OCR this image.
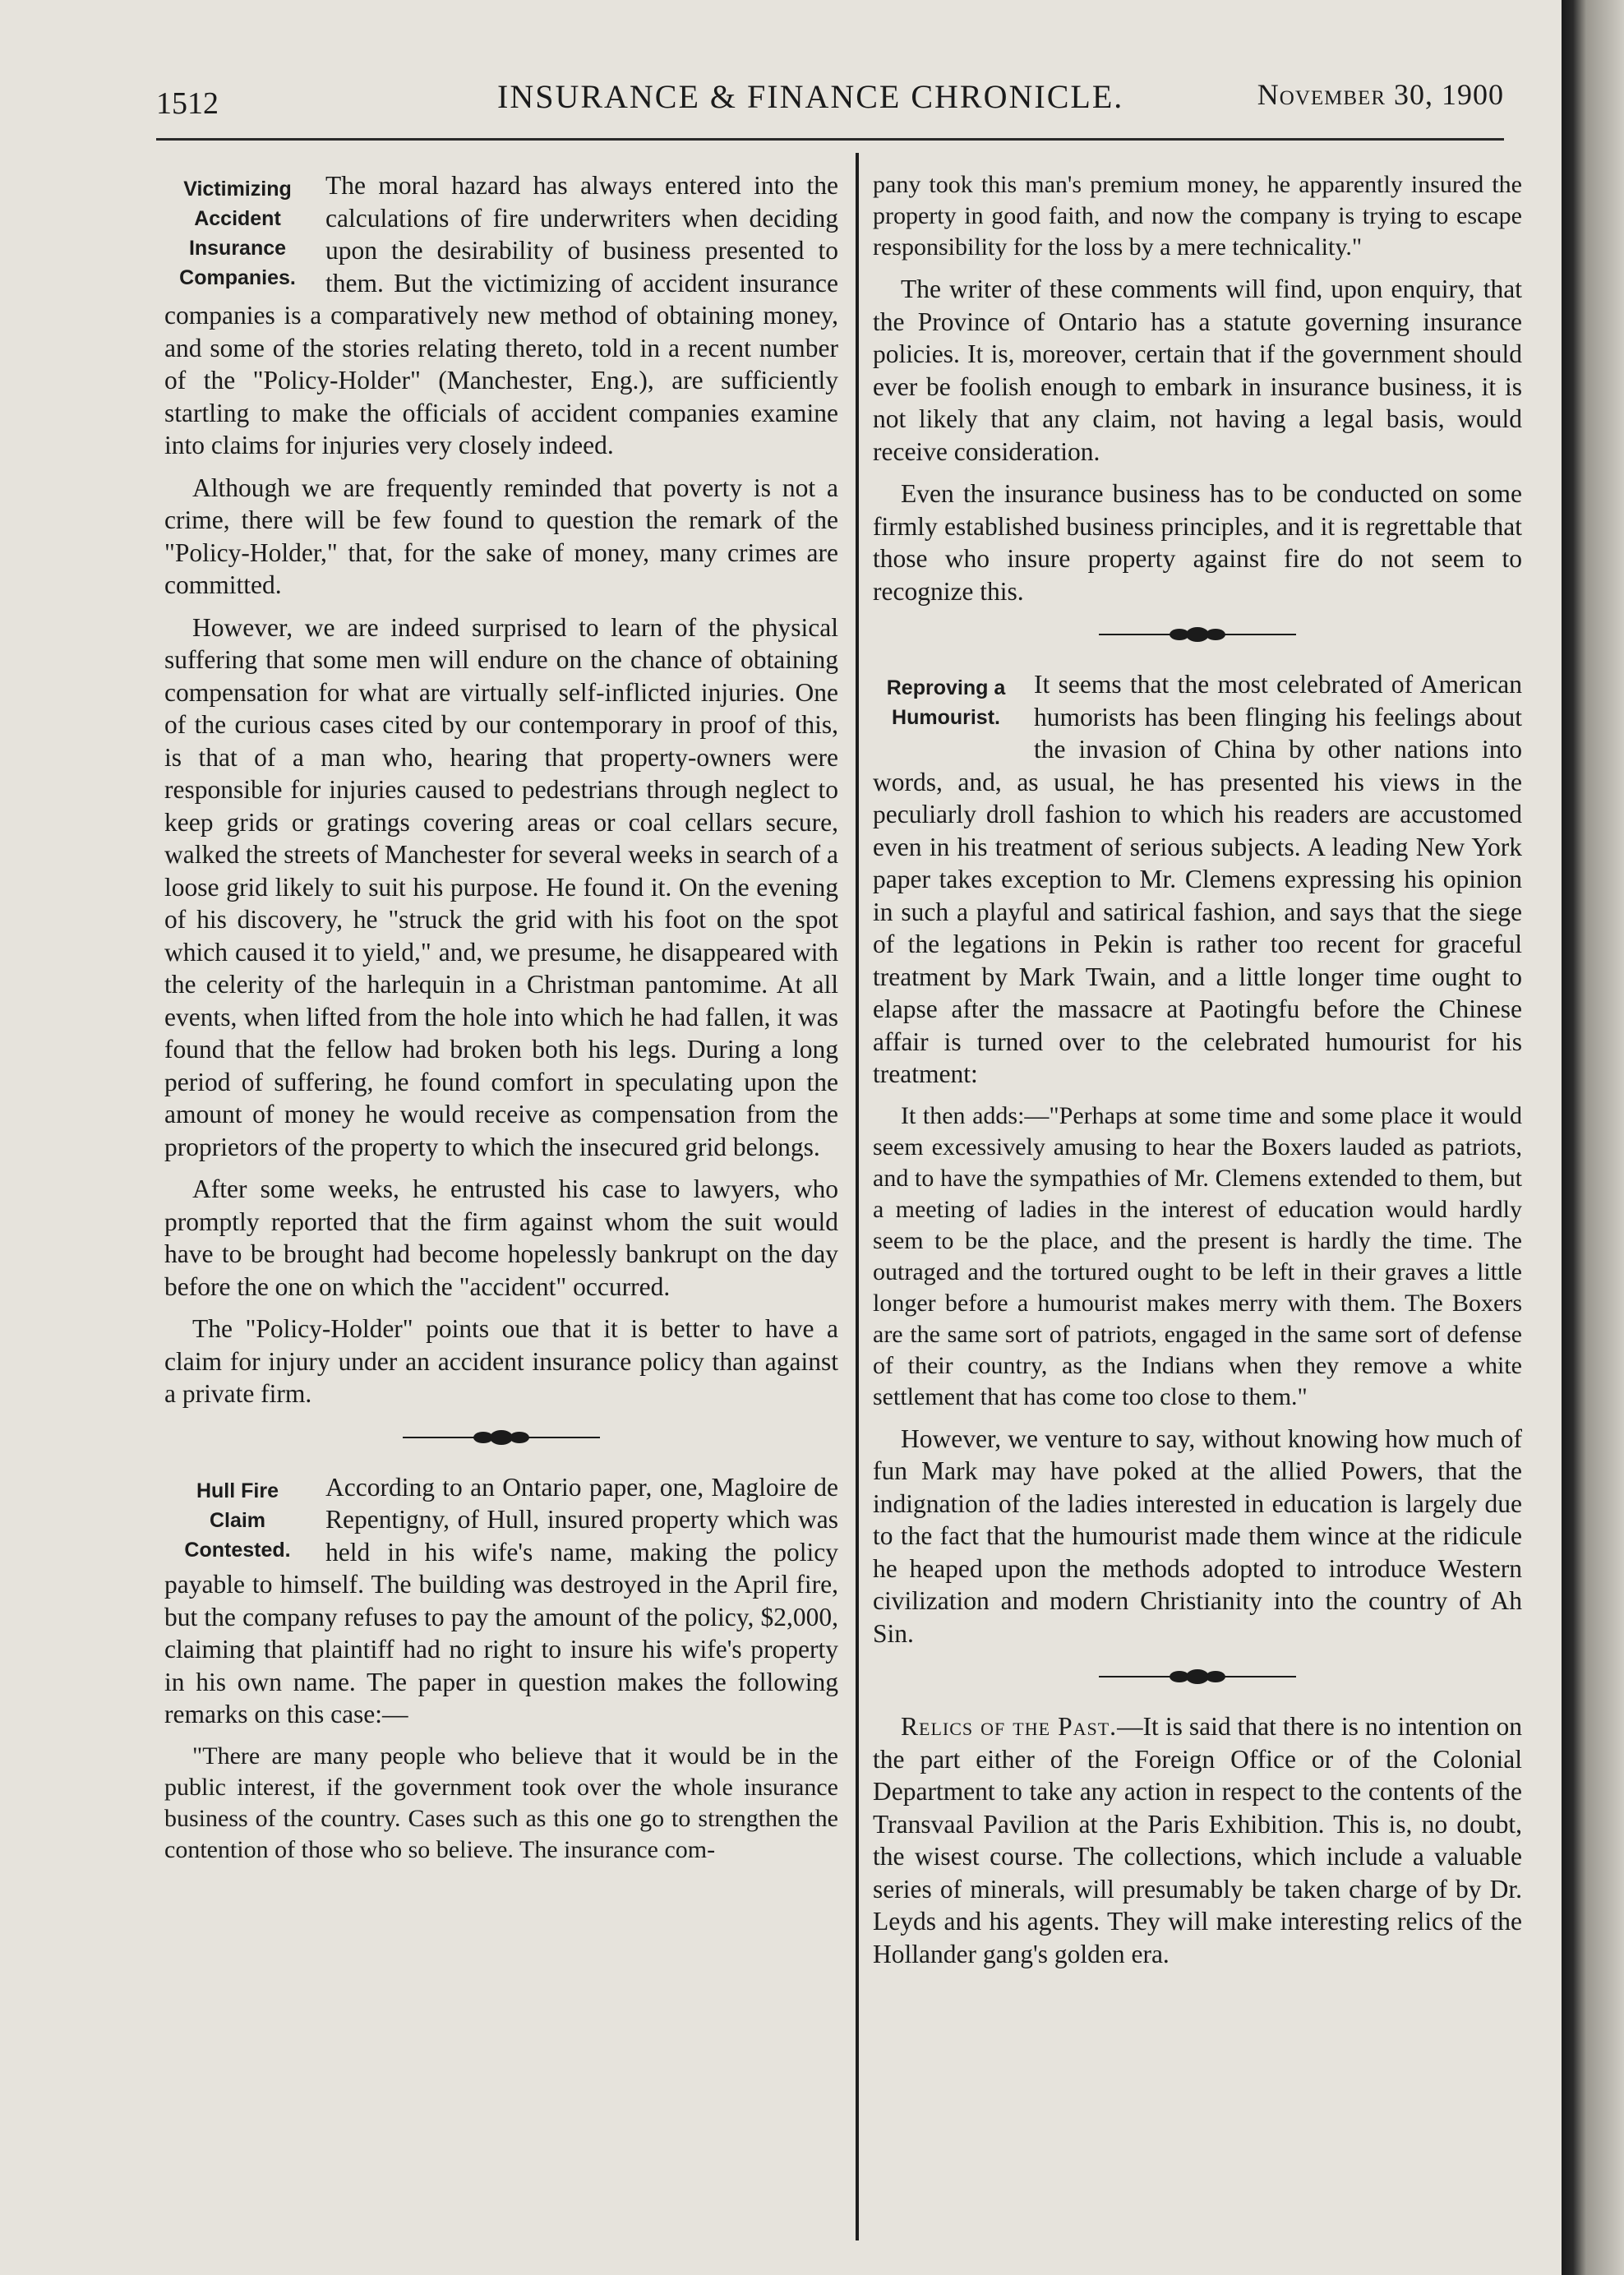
1512	INSURANCE & FINANCE CHRONICLE.	November 30, 1900
Victimizing
Accident
Insurance
Companies.

The moral hazard has always entered into the calculations of fire underwriters when deciding upon the desirability of business presented to them. But the victimizing of accident insurance companies is a comparatively new method of obtaining money, and some of the stories relating thereto, told in a recent number of the "Policy-Holder" (Manchester, Eng.), are sufficiently startling to make the officials of accident companies examine into claims for injuries very closely indeed.

Although we are frequently reminded that poverty is not a crime, there will be few found to question the remark of the "Policy-Holder," that, for the sake of money, many crimes are committed.

However, we are indeed surprised to learn of the physical suffering that some men will endure on the chance of obtaining compensation for what are virtually self-inflicted injuries. One of the curious cases cited by our contemporary in proof of this, is that of a man who, hearing that property-owners were responsible for injuries caused to pedestrians through neglect to keep grids or gratings covering areas or coal cellars secure, walked the streets of Manchester for several weeks in search of a loose grid likely to suit his purpose. He found it. On the evening of his discovery, he "struck the grid with his foot on the spot which caused it to yield," and, we presume, he disappeared with the celerity of the harlequin in a Christman pantomime. At all events, when lifted from the hole into which he had fallen, it was found that the fellow had broken both his legs. During a long period of suffering, he found comfort in speculating upon the amount of money he would receive as compensation from the proprietors of the property to which the insecured grid belongs.

After some weeks, he entrusted his case to lawyers, who promptly reported that the firm against whom the suit would have to be brought had become hopelessly bankrupt on the day before the one on which the "accident" occurred.

The "Policy-Holder" points oue that it is better to have a claim for injury under an accident insurance policy than against a private firm.

Hull Fire
Claim
Contested.

According to an Ontario paper, one, Magloire de Repentigny, of Hull, insured property which was held in his wife's name, making the policy payable to himself. The building was destroyed in the April fire, but the company refuses to pay the amount of the policy, $2,000, claiming that plaintiff had no right to insure his wife's property in his own name. The paper in question makes the following remarks on this case:—

"There are many people who believe that it would be in the public interest, if the government took over the whole insurance business of the country. Cases such as this one go to strengthen the contention of those who so believe. The insurance com-

pany took this man's premium money, he apparently insured the property in good faith, and now the company is trying to escape responsibility for the loss by a mere technicality."

The writer of these comments will find, upon enquiry, that the Province of Ontario has a statute governing insurance policies. It is, moreover, certain that if the government should ever be foolish enough to embark in insurance business, it is not likely that any claim, not having a legal basis, would receive consideration.

Even the insurance business has to be conducted on some firmly established business principles, and it is regrettable that those who insure property against fire do not seem to recognize this.

Reproving a
Humourist.

It seems that the most celebrated of American humorists has been flinging his feelings about the invasion of China by other nations into words, and, as usual, he has presented his views in the peculiarly droll fashion to which his readers are accustomed even in his treatment of serious subjects. A leading New York paper takes exception to Mr. Clemens expressing his opinion in such a playful and satirical fashion, and says that the siege of the legations in Pekin is rather too recent for graceful treatment by Mark Twain, and a little longer time ought to elapse after the massacre at Paotingfu before the Chinese affair is turned over to the celebrated humourist for his treatment:

It then adds:—"Perhaps at some time and some place it would seem excessively amusing to hear the Boxers lauded as patriots, and to have the sympathies of Mr. Clemens extended to them, but a meeting of ladies in the interest of education would hardly seem to be the place, and the present is hardly the time. The outraged and the tortured ought to be left in their graves a little longer before a humourist makes merry with them. The Boxers are the same sort of patriots, engaged in the same sort of defense of their country, as the Indians when they remove a white settlement that has come too close to them."

However, we venture to say, without knowing how much of fun Mark may have poked at the allied Powers, that the indignation of the ladies interested in education is largely due to the fact that the humourist made them wince at the ridicule he heaped upon the methods adopted to introduce Western civilization and modern Christianity into the country of Ah Sin.

Relics of the Past.—It is said that there is no intention on the part either of the Foreign Office or of the Colonial Department to take any action in respect to the contents of the Transvaal Pavilion at the Paris Exhibition. This is, no doubt, the wisest course. The collections, which include a valuable series of minerals, will presumably be taken charge of by Dr. Leyds and his agents. They will make interesting relics of the Hollander gang's golden era.
